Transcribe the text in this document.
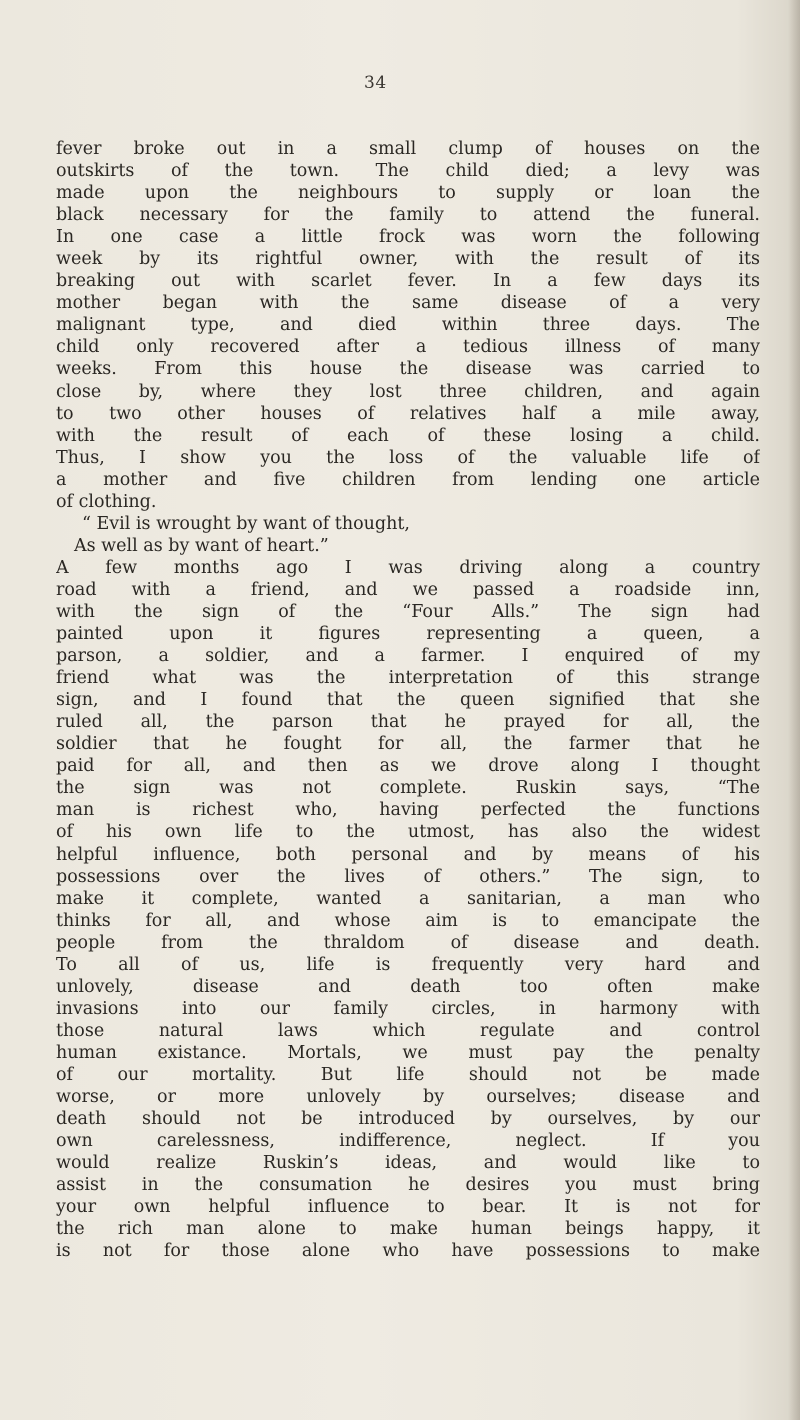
34
fever broke out in a small clump of houses on the
outskirts of the town. The child died; a levy was
made upon the neighbours to supply or loan the
black necessary for the family to attend the funeral.
In one case a little frock was worn the following
week by its rightful owner, with the result of its
breaking out with scarlet fever. In a few days its
mother began with the same disease of a very
malignant type, and died within three days. The
child only recovered after a tedious illness of many
weeks. From this house the disease was carried to
close by, where they lost three children, and again
to two other houses of relatives half a mile away,
with the result of each of these losing a child.
Thus, I show you the loss of the valuable life of
a mother and five children from lending one article
of clothing.
“ Evil is wrought by want of thought,
As well as by want of heart.”
A few months ago I was driving along a country
road with a friend, and we passed a roadside inn,
with the sign of the “Four Alls.” The sign had
painted upon it figures representing a queen, a
parson, a soldier, and a farmer. I enquired of my
friend what was the interpretation of this strange
sign, and I found that the queen signified that she
ruled all, the parson that he prayed for all, the
soldier that he fought for all, the farmer that he
paid for all, and then as we drove along I thought
the sign was not complete. Ruskin says, “The
man is richest who, having perfected the functions
of his own life to the utmost, has also the widest
helpful influence, both personal and by means of his
possessions over the lives of others.” The sign, to
make it complete, wanted a sanitarian, a man who
thinks for all, and whose aim is to emancipate the
people from the thraldom of disease and death.
To all of us, life is frequently very hard and
unlovely, disease and death too often make
invasions into our family circles, in harmony with
those natural laws which regulate and control
human existance. Mortals, we must pay the penalty
of our mortality. But life should not be made
worse, or more unlovely by ourselves; disease and
death should not be introduced by ourselves, by our
own carelessness, indifference, neglect. If you
would realize Ruskin’s ideas, and would like to
assist in the consumation he desires you must bring
your own helpful influence to bear. It is not for
the rich man alone to make human beings happy, it
is not for those alone who have possessions to make
